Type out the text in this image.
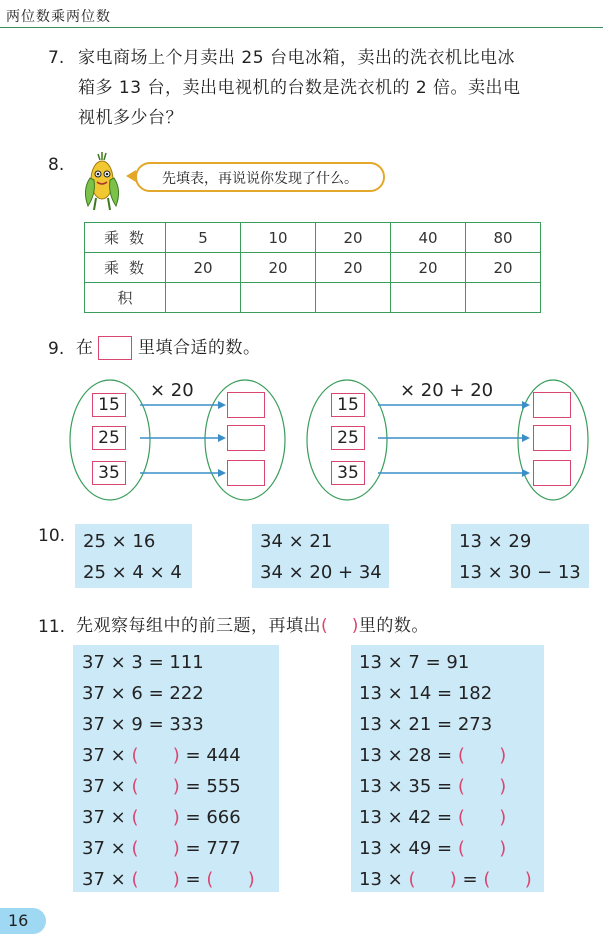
两位数乘两位数
7. 家电商场上个月卖出 25 台电冰箱，卖出的洗衣机比电冰
箱多 13 台，卖出电视机的台数是洗衣机的 2 倍。卖出电
视机多少台？
8.
先填表，再说说你发现了什么。
乘数	5	10	20	40	80
乘数	20	20	20	20	20
积					
9. 在	里填合适的数。
× 20
15
25
35
× 20 + 20
15
25
35
10. 25 × 16
25 × 4 × 4
34 × 21
34 × 20 + 34
13 × 29
13 × 30 − 13
11. 先观察每组中的前三题，再填出(    )里的数。
37 × 3 = 111
37 × 6 = 222
37 × 9 = 333
37 × (      ) = 444
37 × (      ) = 555
37 × (      ) = 666
37 × (      ) = 777
37 × (      ) = (      )
13 × 7 = 91
13 × 14 = 182
13 × 21 = 273
13 × 28 = (      )
13 × 35 = (      )
13 × 42 = (      )
13 × 49 = (      )
13 × (      ) = (      )
16
